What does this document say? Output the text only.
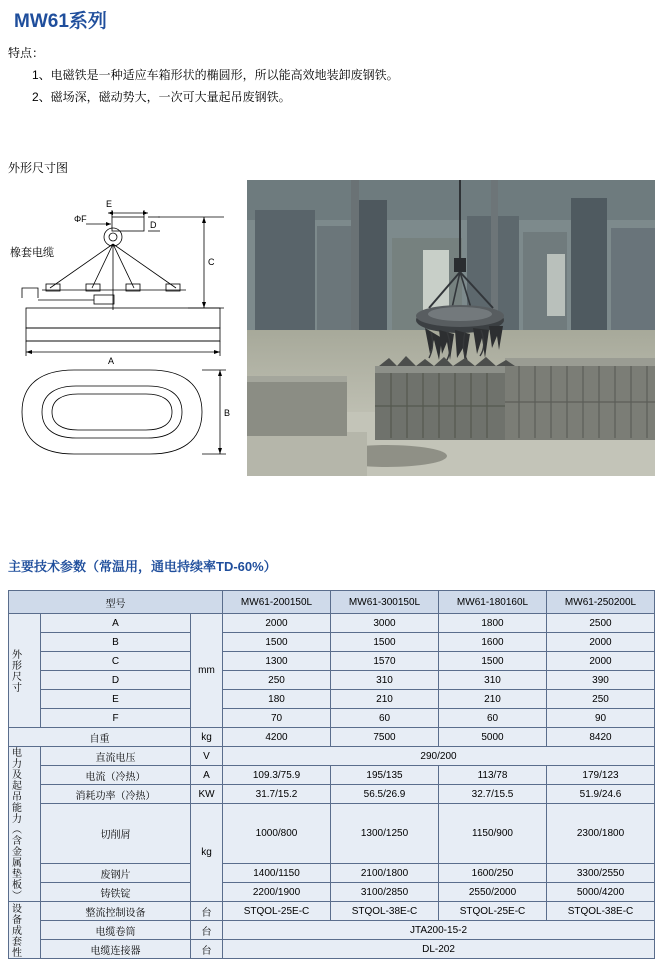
MW61系列
特点：
1、电磁铁是一种适应车箱形状的椭圆形，所以能高效地装卸废钢铁。
2、磁场深，磁动势大，一次可大量起吊废钢铁。
外形尺寸图
E
ΦF
D
C
A
B
橡套电缆
主要技术参数（常温用，通电持续率TD-60%）
型号			MW61-200150L	MW61-300150L	MW61-180160L	MW61-250200L

外形尺寸	A	mm	2000	3000	1800	2500
	B		1500	1500	1600	2000
	C		1300	1570	1500	2000
	D		250	310	310	390
	E		180	210	210	250
	F		70	60	60	90
自重		kg	4200	7500	5000	8420

电力及起吊能力（含金属垫板）	直流电压	V	290/200			
	电流（冷热）	A	109.3/75.9	195/135	113/78	179/123
	消耗功率（冷热）	KW	31.7/15.2	56.5/26.9	32.7/15.5	51.9/24.6
	切削屑	kg	1000/800	1300/1250	1150/900	2300/1800
	废钢片		1400/1150	2100/1800	1600/250	3300/2550
	铸铁锭		2200/1900	3100/2850	2550/2000	5000/4200

设备成套性	整流控制设备	台	STQOL-25E-C	STQOL-38E-C	STQOL-25E-C	STQOL-38E-C
	电缆卷筒	台	JTA200-15-2			
	电缆连接器	台	DL-202			
